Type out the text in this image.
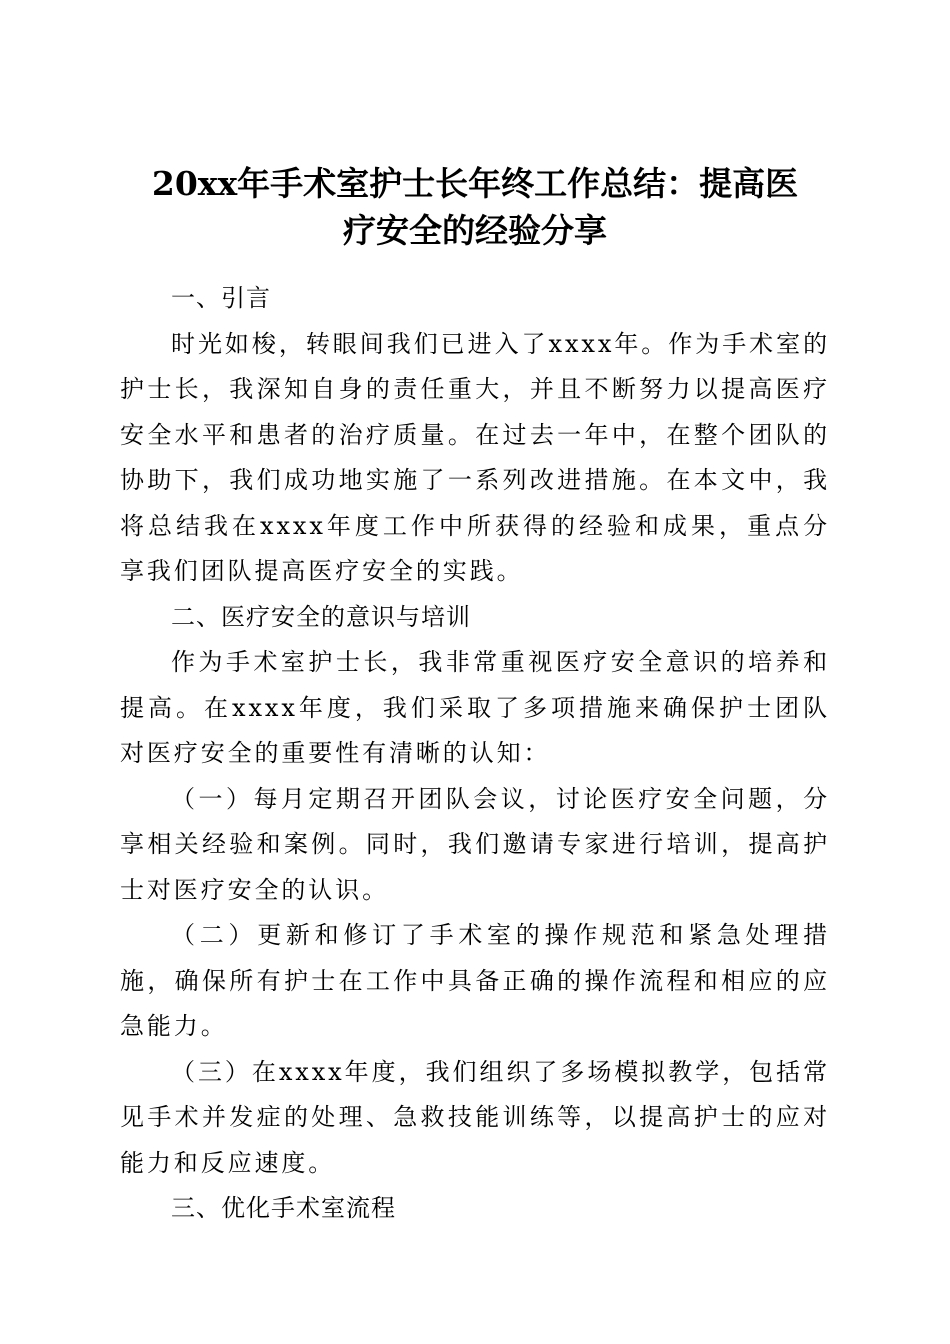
20xx年手术室护士长年终工作总结：提高医
疗安全的经验分享

一、引言

时光如梭，转眼间我们已进入了xxxx年。作为手术室的护士长，我深知自身的责任重大，并且不断努力以提高医疗安全水平和患者的治疗质量。在过去一年中，在整个团队的协助下，我们成功地实施了一系列改进措施。在本文中，我将总结我在xxxx年度工作中所获得的经验和成果，重点分享我们团队提高医疗安全的实践。

二、医疗安全的意识与培训

作为手术室护士长，我非常重视医疗安全意识的培养和提高。在xxxx年度，我们采取了多项措施来确保护士团队对医疗安全的重要性有清晰的认知：

（一）每月定期召开团队会议，讨论医疗安全问题，分享相关经验和案例。同时，我们邀请专家进行培训，提高护士对医疗安全的认识。

（二）更新和修订了手术室的操作规范和紧急处理措施，确保所有护士在工作中具备正确的操作流程和相应的应急能力。

（三）在xxxx年度，我们组织了多场模拟教学，包括常见手术并发症的处理、急救技能训练等，以提高护士的应对能力和反应速度。

三、优化手术室流程
